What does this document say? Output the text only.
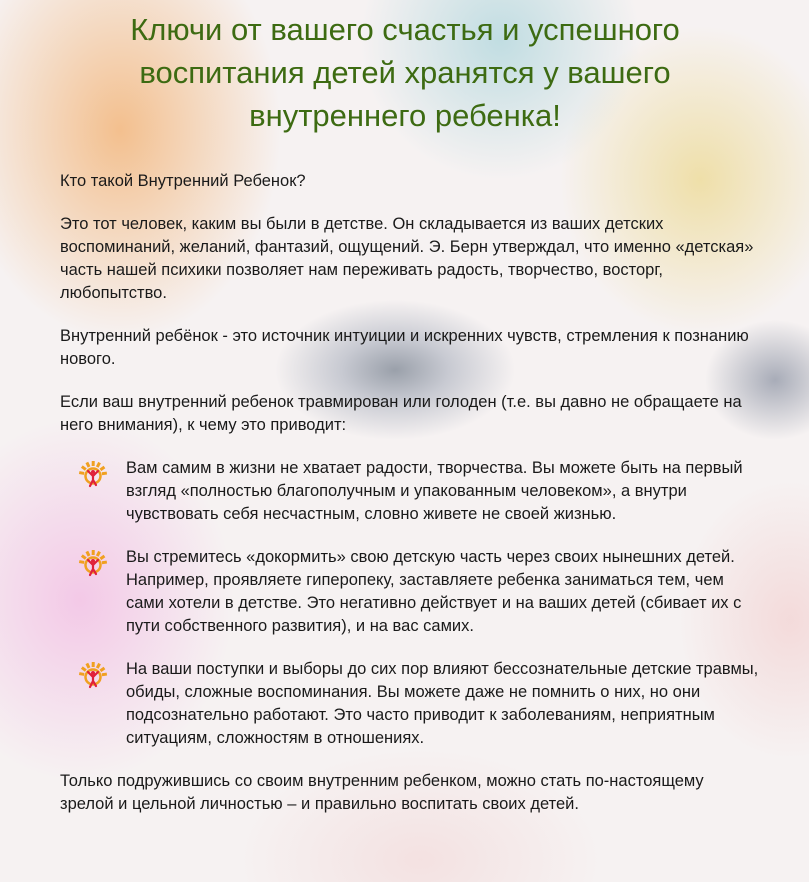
Ключи от вашего счастья и успешного воспитания детей хранятся у вашего внутреннего ребенка!

Кто такой Внутренний Ребенок?

Это тот человек, каким вы были в детстве. Он складывается из ваших детских воспоминаний, желаний, фантазий, ощущений. Э. Берн утверждал, что именно «детская» часть нашей психики позволяет нам переживать радость, творчество, восторг, любопытство.

Внутренний ребёнок - это источник интуиции и искренних чувств, стремления к познанию нового.

Если ваш внутренний ребенок травмирован или голоден (т.е. вы давно не обращаете на него внимания), к чему это приводит:

Вам самим в жизни не хватает радости, творчества. Вы можете быть на первый взгляд «полностью благополучным и упакованным человеком», а внутри чувствовать себя несчастным, словно живете не своей жизнью.
Вы стремитесь «докормить» свою детскую часть через своих нынешних детей. Например, проявляете гиперопеку, заставляете ребенка заниматься тем, чем сами хотели в детстве. Это негативно действует и на ваших детей (сбивает их с пути собственного развития), и на вас самих.
На ваши поступки и выборы до сих пор влияют бессознательные детские травмы, обиды, сложные воспоминания. Вы можете даже не помнить о них, но они подсознательно работают. Это часто приводит к заболеваниям, неприятным ситуациям, сложностям в отношениях.

Только подружившись со своим внутренним ребенком, можно стать по-настоящему зрелой и цельной личностью – и правильно воспитать своих детей.
